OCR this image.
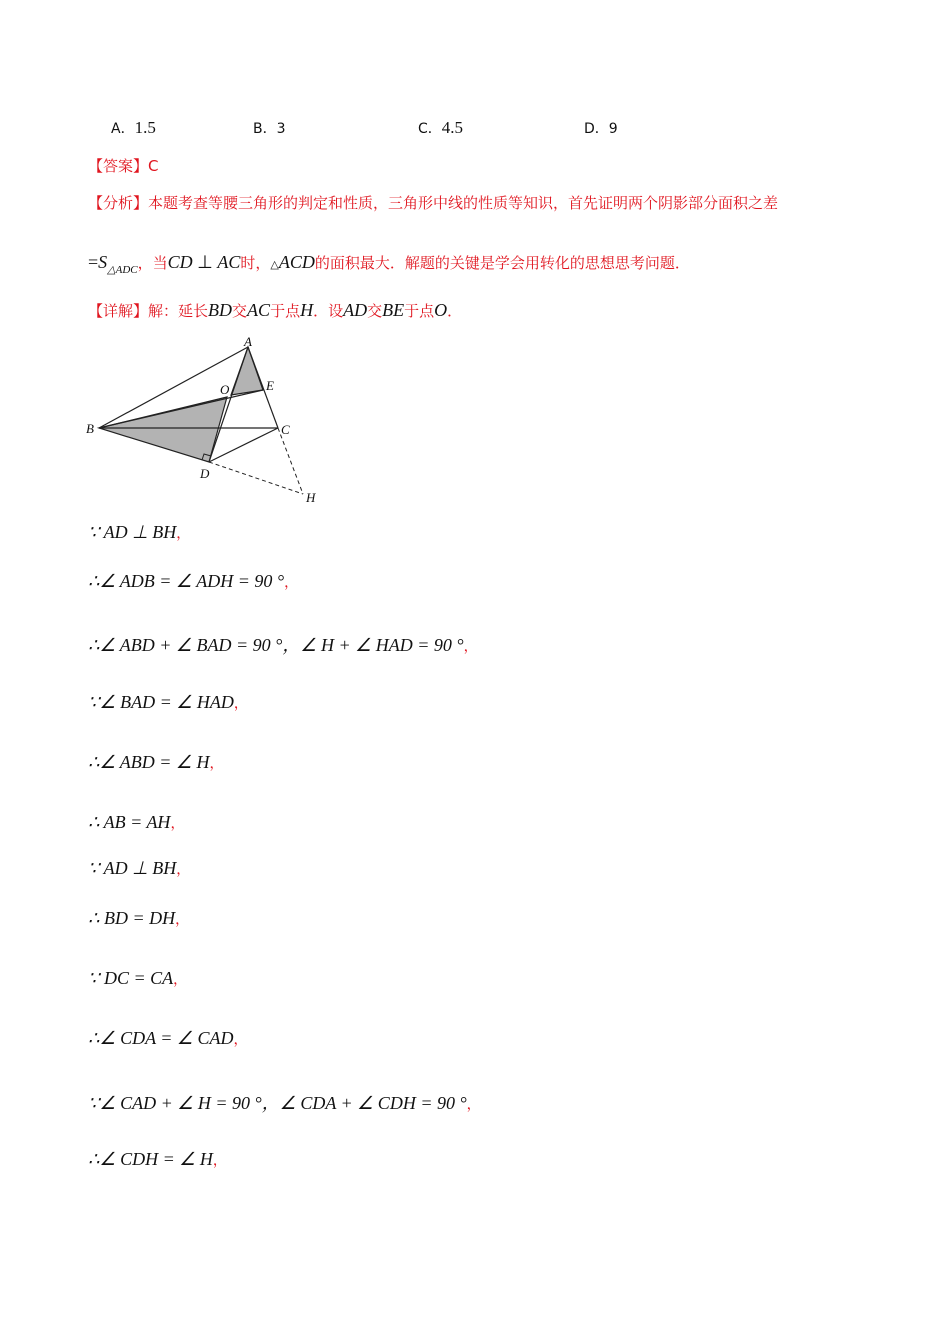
A．1.5	B．3	C．4.5	D．9
【答案】C
【分析】本题考查等腰三角形的判定和性质，三角形中线的性质等知识，首先证明两个阴影部分面积之差
$=S_{\triangle ADC}$，当CD ⊥ AC时，△ACD的面积最大．解题的关键是学会用转化的思想思考问题．
【详解】解：延长BD交AC于点H．设AD交BE于点O．
A
B	C
D
E
O
H
∵ AD ⊥ BH，
∴∠ ADB = ∠ ADH = 90 °，
∴∠ ABD + ∠ BAD = 90 °，∠ H + ∠ HAD = 90 °，
∵∠ BAD = ∠ HAD，
∴∠ ABD = ∠ H，
∴ AB = AH，
∵ AD ⊥ BH，
∴ BD = DH，
∵ DC = CA，
∴∠ CDA = ∠ CAD，
∵∠ CAD + ∠ H = 90 °，∠ CDA + ∠ CDH = 90 °，
∴∠ CDH = ∠ H，
